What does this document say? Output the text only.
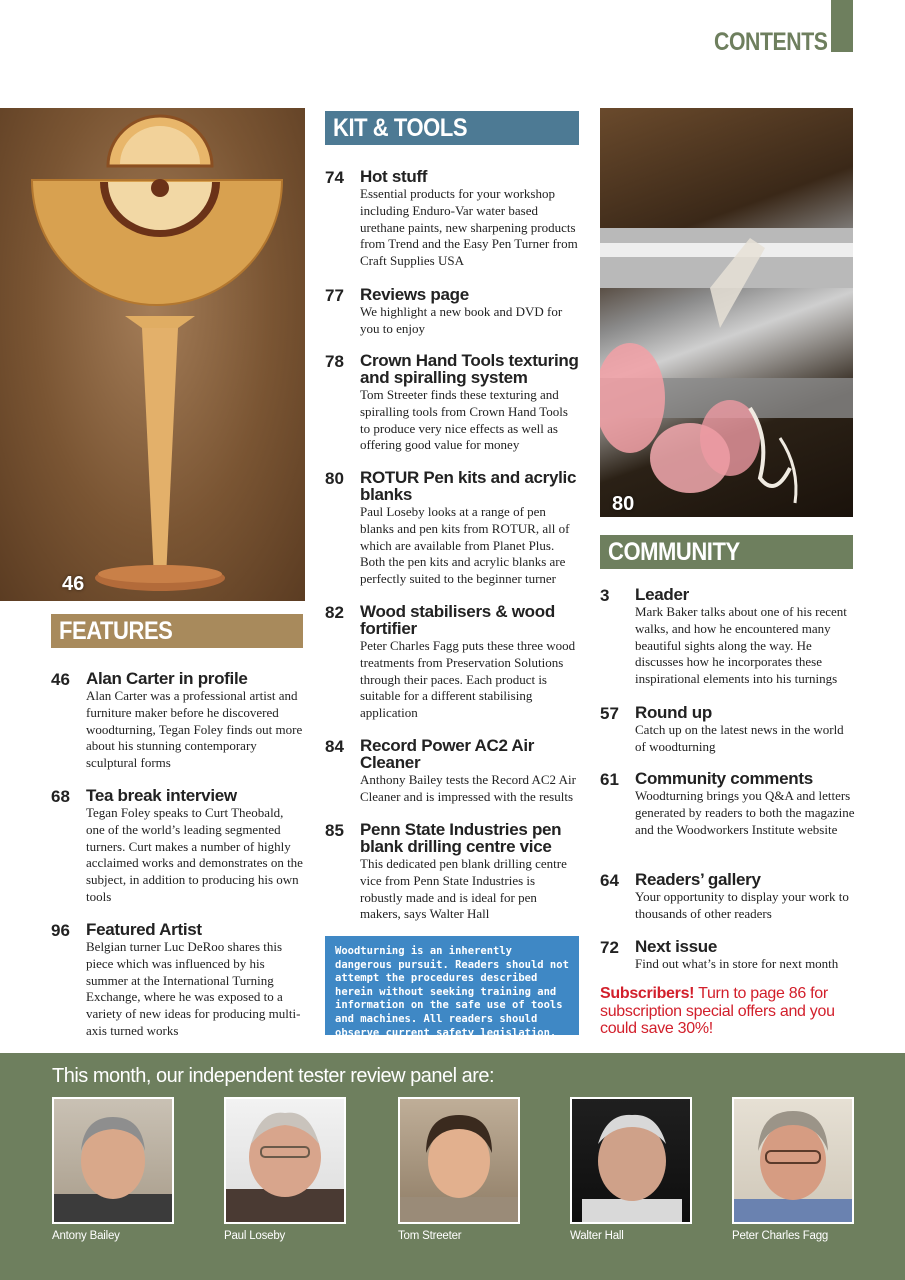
CONTENTS
46
80
FEATURES
KIT & TOOLS
COMMUNITY
46 Alan Carter in profile
Alan Carter was a professional artist and furniture maker before he discovered woodturning, Tegan Foley finds out more about his stunning contemporary sculptural forms
68 Tea break interview
Tegan Foley speaks to Curt Theobald, one of the world’s leading segmented turners. Curt makes a number of highly acclaimed works and demonstrates on the subject, in addition to producing his own tools
96 Featured Artist
Belgian turner Luc DeRoo shares this piece which was influenced by his summer at the International Turning Exchange, where he was exposed to a variety of new ideas for producing multi-axis turned works
74 Hot stuff
Essential products for your workshop including Enduro-Var water based urethane paints, new sharpening products from Trend and the Easy Pen Turner from Craft Supplies USA
77 Reviews page
We highlight a new book and DVD for you to enjoy
78 Crown Hand Tools texturing and spiralling system
Tom Streeter finds these texturing and spiralling tools from Crown Hand Tools to produce very nice effects as well as offering good value for money
80 ROTUR Pen kits and acrylic blanks
Paul Loseby looks at a range of pen blanks and pen kits from ROTUR, all of which are available from Planet Plus. Both the pen kits and acrylic blanks are perfectly suited to the beginner turner
82 Wood stabilisers & wood fortifier
Peter Charles Fagg puts these three wood treatments from Preservation Solutions through their paces. Each product is suitable for a different stabilising application
84 Record Power AC2 Air Cleaner
Anthony Bailey tests the Record AC2 Air Cleaner and is impressed with the results
85 Penn State Industries pen blank drilling centre vice
This dedicated pen blank drilling centre vice from Penn State Industries is robustly made and is ideal for pen makers, says Walter Hall
Woodturning is an inherently dangerous pursuit. Readers should not attempt the procedures described herein without seeking training and information on the safe use of tools and machines. All readers should observe current safety legislation.
3 Leader
Mark Baker talks about one of his recent walks, and how he encountered many beautiful sights along the way. He discusses how he incorporates these inspirational elements into his turnings
57 Round up
Catch up on the latest news in the world of woodturning
61 Community comments
Woodturning brings you Q&A and letters generated by readers to both the magazine and the Woodworkers Institute website
64 Readers’ gallery
Your opportunity to display your work to thousands of other readers
72 Next issue
Find out what’s in store for next month
Subscribers! Turn to page 86 for subscription special offers and you could save 30%!
This month, our independent tester review panel are:
Antony Bailey	Paul Loseby	Tom Streeter	Walter Hall	Peter Charles Fagg
